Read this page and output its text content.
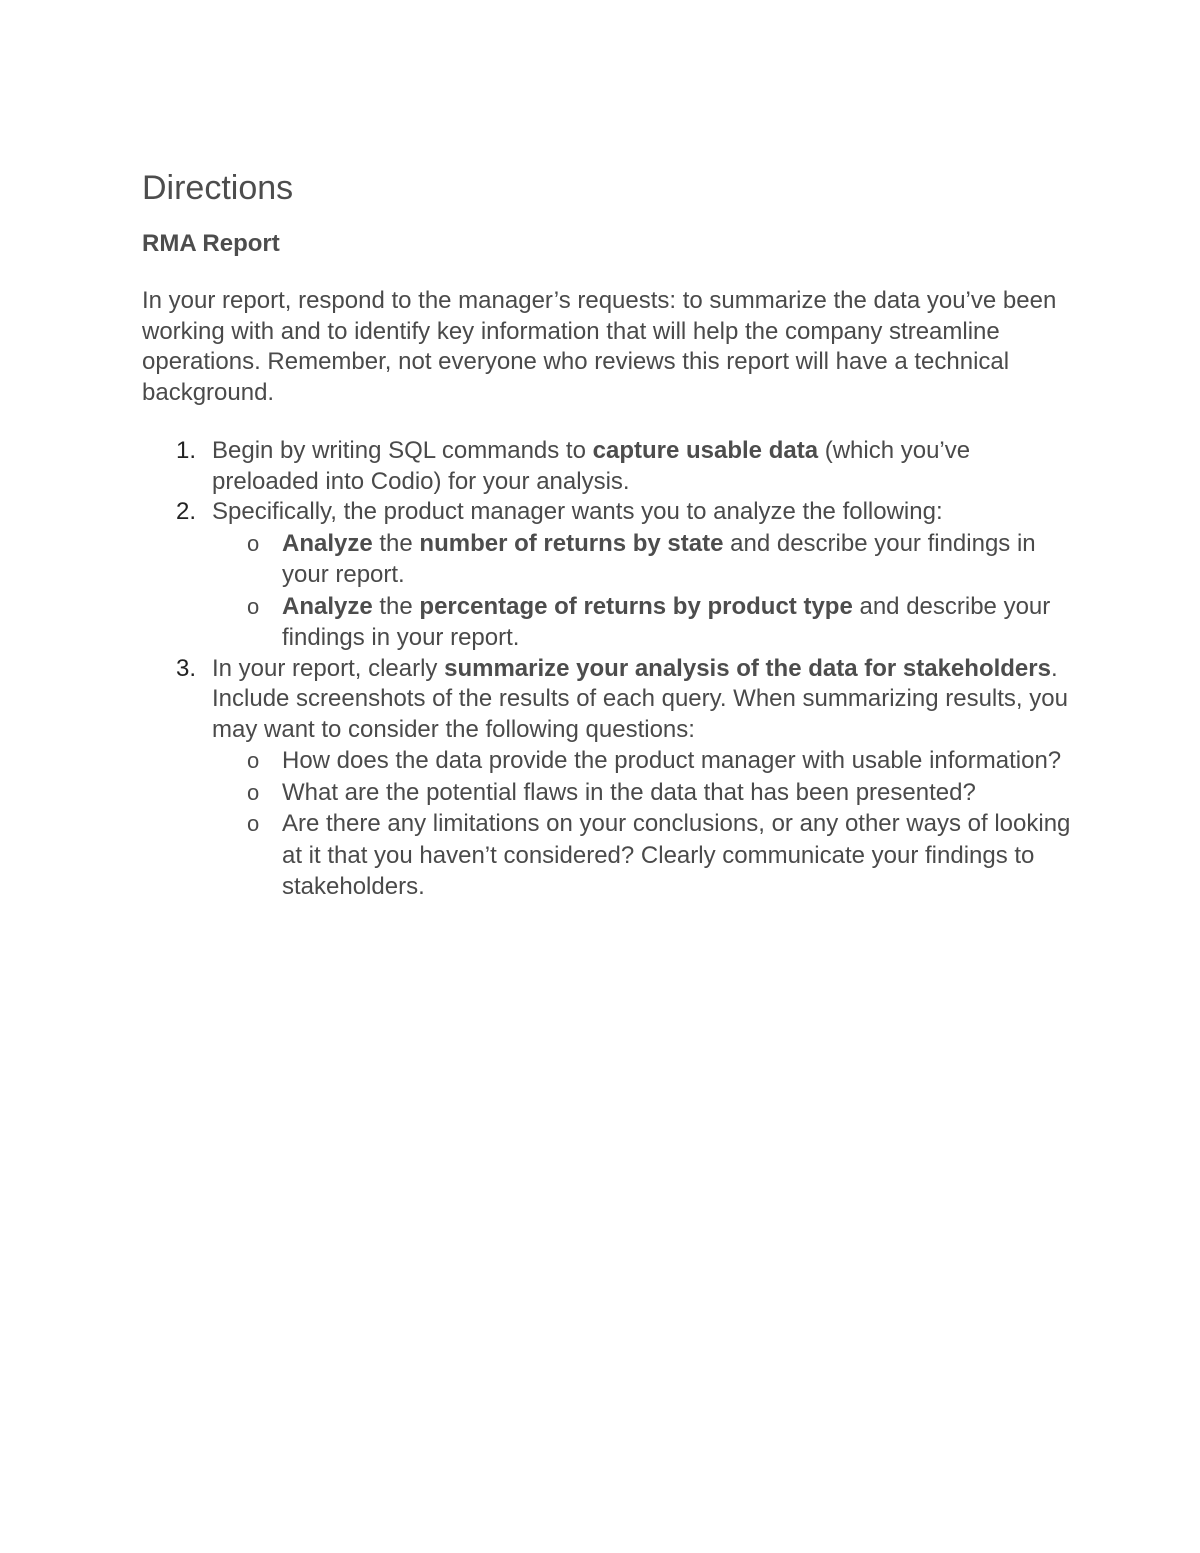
Directions
RMA Report

In your report, respond to the manager’s requests: to summarize the data you’ve been working with and to identify key information that will help the company streamline operations. Remember, not everyone who reviews this report will have a technical background.

1. Begin by writing SQL commands to capture usable data (which you’ve preloaded into Codio) for your analysis.
2. Specifically, the product manager wants you to analyze the following:
o Analyze the number of returns by state and describe your findings in your report.
o Analyze the percentage of returns by product type and describe your findings in your report.
3. In your report, clearly summarize your analysis of the data for stakeholders. Include screenshots of the results of each query. When summarizing results, you may want to consider the following questions:
o How does the data provide the product manager with usable information?
o What are the potential flaws in the data that has been presented?
o Are there any limitations on your conclusions, or any other ways of looking at it that you haven’t considered? Clearly communicate your findings to stakeholders.
